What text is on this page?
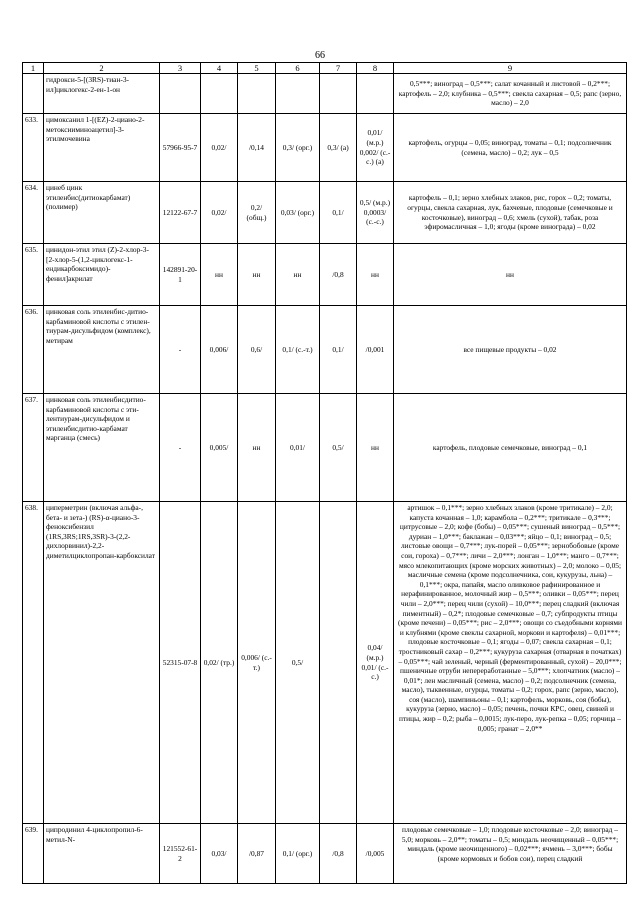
66
1	2	3	4	5	6	7	8	9
	гидрокси-5-[(3RS)-тиан-3-ил]циклогекс-2-ен-1-он							0,5***; виноград – 0,5***; салат кочанный и листовой – 0,2***; картофель – 2,0; клубника – 0,5***; свекла сахарная – 0,5; рапс (зерно, масло) – 2,0
633.	цимоксанил 1-[(EZ)-2-циано-2-метоксииминоацетил]-3-этилмочевина	57966-95-7	0,02/	/0,14	0,3/ (орг.)	0,3/ (а)	0,01/ (м.р.) 0,002/ (с.-с.) (а)	картофель, огурцы – 0,05; виноград, томаты – 0,1; подсолнечник (семена, масло) – 0,2; лук – 0,5
634.	цинеб цинк этиленбис(дитиокарбамат) (полимер)	12122-67-7	0,02/	0,2/ (общ.)	0,03/ (орг.)	0,1/	0,5/ (м.р.) 0,0003/ (с.-с.)	картофель – 0,1; зерно хлебных злаков, рис, горох – 0,2; томаты, огурцы, свекла сахарная, лук, бахчевые, плодовые (семечковые и косточковые), виноград – 0,6; хмель (сухой), табак, роза эфиромасличная – 1,0; ягоды (кроме винограда) – 0,02
635.	цинидон-этил этил (Z)-2-хлор-3-[2-хлор-5-(1,2-циклогекс-1-ендикарбоксимидо)-фенил]акрилат	142891-20-1	нн	нн	нн	/0,8	нн	нн
636.	цинковая соль этиленбис-дитио-карбаминовой кислоты с этилен-тиурам-дисульфидом (комплекс), метирам	-	0,006/	0,6/	0,1/ (с.-т.)	0,1/	/0,001	все пищевые продукты – 0,02
637.	цинковая соль этиленбисдитио-карбаминовой кислоты с эти-лентиурам-дисульфидом и этиленбисдитио-карбамат марганца (смесь)	-	0,005/	нн	0,01/	0,5/	нн	картофель, плодовые семечковые, виноград – 0,1
638.	ципермeтрин (включая альфа-, бета- и зета-) (RS)-α-циано-3-феноксибензил (1RS,3RS;1RS,3SR)-3-(2,2-дихлорвинил)-2,2-диметилциклопропан-карбоксилат	52315-07-8	0,02/ (тр.)	0,006/ (с.-т.)	0,5/		0,04/ (м.р.) 0,01/ (с.-с.)	артишок – 0,1***; зерно хлебных злаков (кроме тритикале) – 2,0; капуста кочанная – 1,0; карамбола – 0,2***; тритикале – 0,3***; цитрусовые – 2,0; кофе (бобы) – 0,05***; сушеный виноград – 0,5***; дуриан – 1,0***; баклажан – 0,03***; яйцо – 0,1; виноград – 0,5; листовые овощи – 0,7***; лук-порей – 0,05***; зернобобовые (кроме сои, гороха) – 0,7***; личи – 2,0***; лонган – 1,0***; манго – 0,7***; мясо млекопитающих (кроме морских животных) – 2,0; молоко – 0,05; масличные семена (кроме подсолнечника, сои, кукурузы, льна) – 0,1***; окра, папайя, масло оливковое рафинированное и нерафинированное, молочный жир – 0,5***; оливки – 0,05***; перец чили – 2,0***; перец чили (сухой) – 10,0***; перец сладкий (включая пиментный) – 0,2*; плодовые семечковые – 0,7; субпродукты птицы (кроме печени) – 0,05***; рис – 2,0***; овощи со съедобными корнями и клубнями (кроме свеклы сахарной, моркови и картофеля) – 0,01***; плодовые косточковые – 0,1; ягоды – 0,07; свекла сахарная – 0,1; тростниковый сахар – 0,2***; кукуруза сахарная (отварная в початках) – 0,05***; чай зеленый, черный (ферментированный, сухой) – 20,0***; пшеничные отруби непереработанные – 5,0***; хлопчатник (масло) – 0,01*; лен масличный (семена, масло) – 0,2; подсолнечник (семена, масло), тыквенные, огурцы, томаты – 0,2; горох, рапс (зерно, масло), соя (масло), шампиньоны – 0,1; картофель, морковь, соя (бобы), кукуруза (зерно, масло) – 0,05; печень, почки КРС, овец, свиней и птицы, жир – 0,2; рыба – 0,0015; лук-перо, лук-репка – 0,05; горчица – 0,005; гранат – 2,0**
639.	ципродинил 4-циклопропил-6-метил-N-	121552-61-2	0,03/	/0,87	0,1/ (орг.)	/0,8	/0,005	плодовые семечковые – 1,0; плодовые косточковые – 2,0; виноград – 5,0; морковь – 2,0**; томаты – 0,5; миндаль неочищенный – 0,05***; миндаль (кроме неочищенного) – 0,02***; ячмень – 3,0***; бобы (кроме кормовых и бобов сои), перец сладкий
